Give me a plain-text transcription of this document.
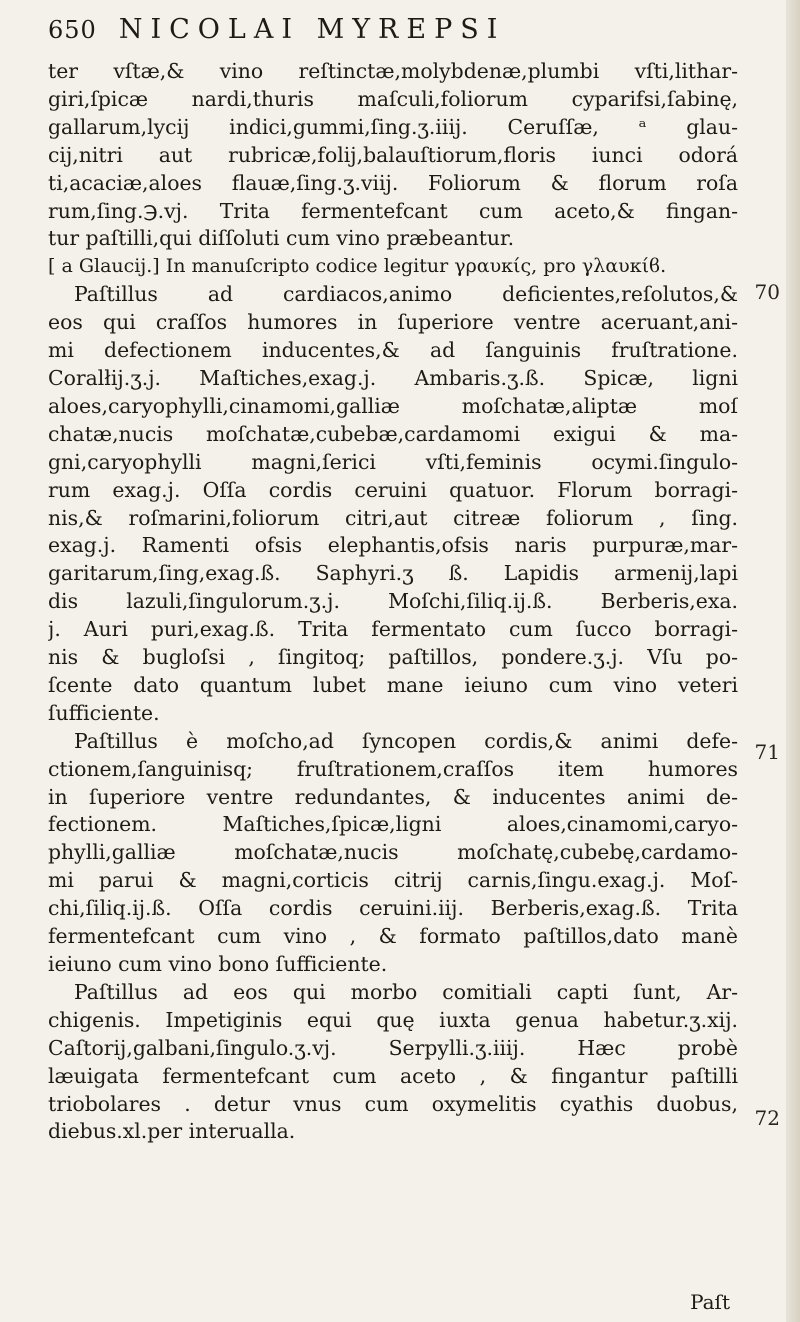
650 NICOLAI MYREPSI
ter vſtæ,& vino reſtinctæ,molybdenæ,plumbi vſti,lithar-
giri,ſpicæ nardi,thuris maſculi,foliorum cyparifsi,ſabinę,
gallarum,lycij indici,gummi,ſing.ʒ.iiij. Ceruſſæ, ᵃ glau-
cij,nitri aut rubricæ,folij,balauſtiorum,floris iunci odorá
ti,acaciæ,aloes flauæ,ſing.ʒ.viij. Foliorum & florum roſa
rum,ſing.℈.vj. Trita fermentefcant cum aceto,& fingan-
tur paſtilli,qui diſſoluti cum vino præbeantur.
[ a Glaucij.] In manuſcripto codice legitur γραυκίς, pro γλαυκίϐ.
Paſtillus ad cardiacos,animo deficientes,reſolutos,&
eos qui craſſos humores in ſuperiore ventre aceruant,ani-
mi defectionem inducentes,& ad ſanguinis fruſtratione.
Coralłij.ʒ.j. Maſtiches,exag.j. Ambaris.ʒ.ß. Spicæ, ligni
aloes,caryophylli,cinamomi,galliæ moſchatæ,aliptæ moſ
chatæ,nucis moſchatæ,cubebæ,cardamomi exigui & ma-
gni,caryophylli magni,ſerici vſti,feminis ocymi.ſingulo-
rum exag.j. Oſſa cordis ceruini quatuor. Florum borragi-
nis,& roſmarini,foliorum citri,aut citreæ foliorum , ſing.
exag.j. Ramenti ofsis elephantis,ofsis naris purpuræ,mar-
garitarum,ſing,exag.ß. Saphyri.ʒ ß. Lapidis armenij,lapi
dis lazuli,ſingulorum.ʒ.j. Moſchi,ſiliq.ij.ß. Berberis,exa.
j. Auri puri,exag.ß. Trita fermentato cum ſucco borragi-
nis & bugloſsi , ſingitoq; paſtillos, pondere.ʒ.j. Vſu po-
ſcente dato quantum lubet mane ieiuno cum vino veteri
ſufficiente.
Paſtillus è moſcho,ad ſyncopen cordis,& animi defe-
ctionem,ſanguinisq; fruſtrationem,craſſos item humores
in ſuperiore ventre redundantes, & inducentes animi de-
fectionem. Maſtiches,ſpicæ,ligni aloes,cinamomi,caryo-
phylli,galliæ moſchatæ,nucis moſchatę,cubebę,cardamo-
mi parui & magni,corticis citrij carnis,ſingu.exag.j. Moſ-
chi,ſiliq.ij.ß. Oſſa cordis ceruini.iij. Berberis,exag.ß. Trita
fermentefcant cum vino , & formato paſtillos,dato manè
ieiuno cum vino bono ſufficiente.
Paſtillus ad eos qui morbo comitiali capti ſunt, Ar-
chigenis. Impetiginis equi quę iuxta genua habetur.ʒ.xij.
Caſtorij,galbani,ſingulo.ʒ.vj. Serpylli.ʒ.iiij. Hæc probè
læuigata fermentefcant cum aceto , & fingantur paſtilli
triobolares . detur vnus cum oxymelitis cyathis duobus,
diebus.xl.per interualla.
Paſt
70
71
72
